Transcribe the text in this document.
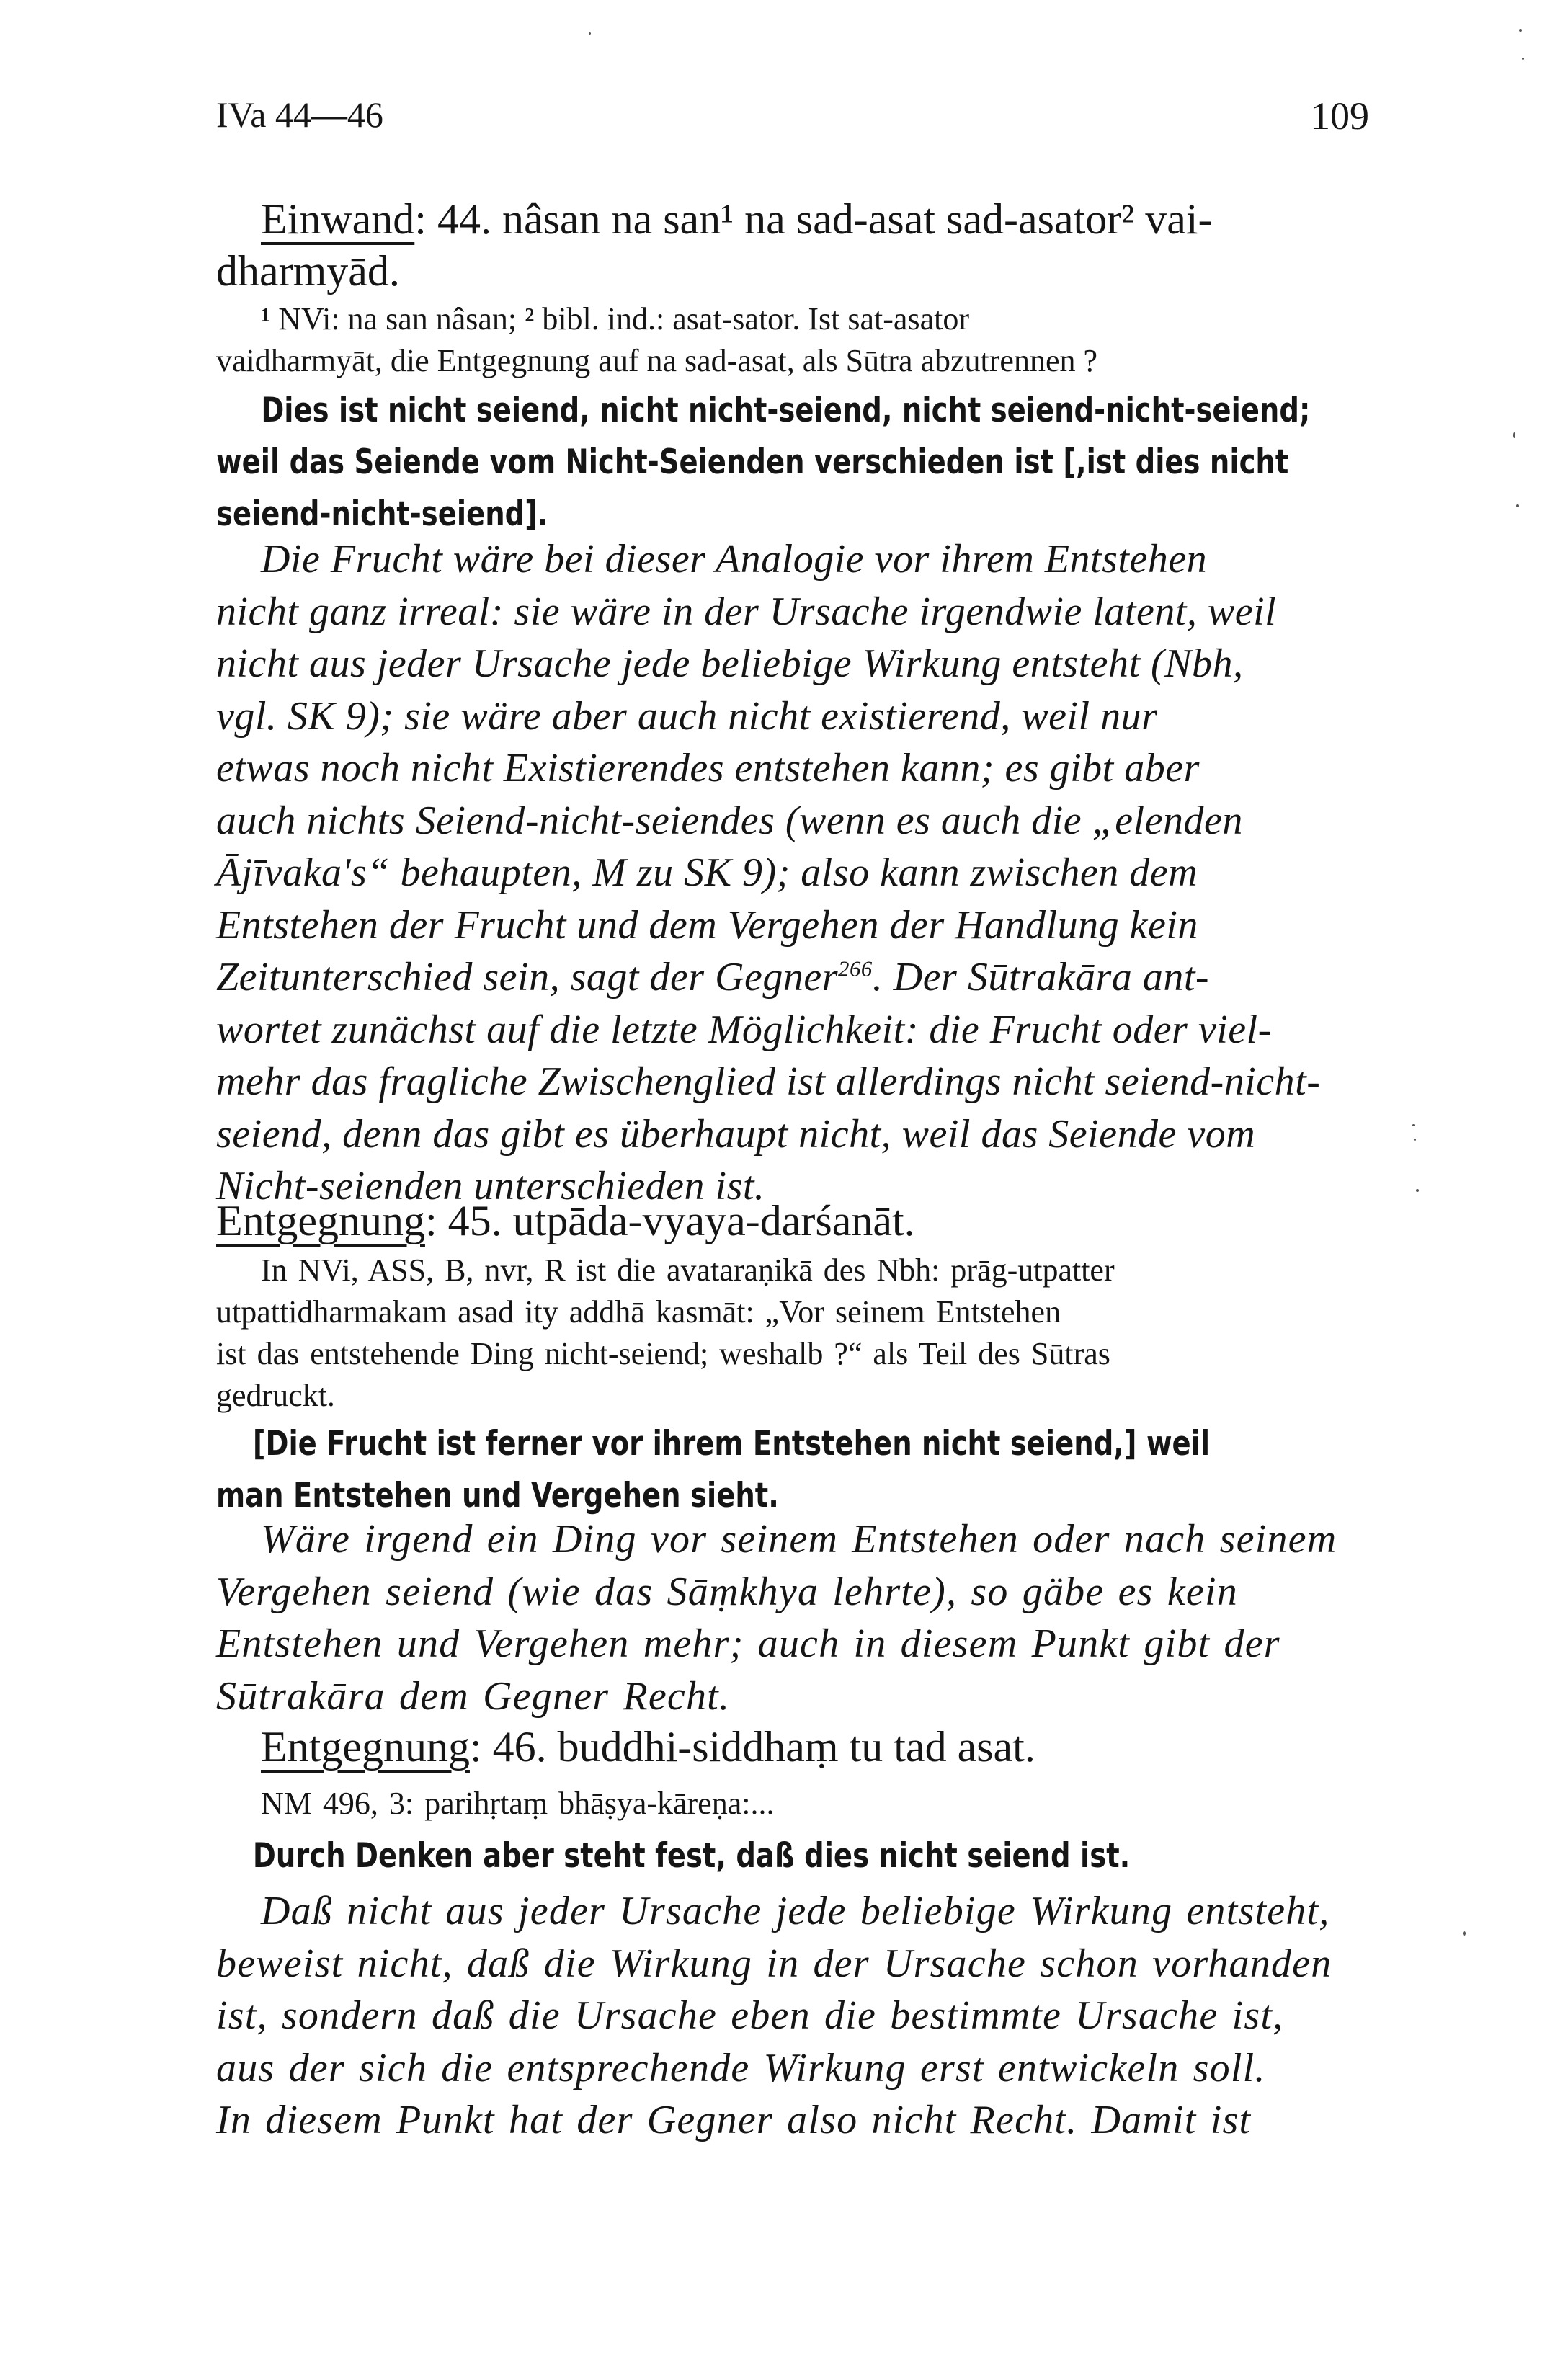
IVa 44—46	109
Einwand: 44. nâsan na san¹ na sad-asat sad-asator² vai-
dharmyād.
¹ NVi: na san nâsan; ² bibl. ind.: asat-sator. Ist sat-asator
vaidharmyāt, die Entgegnung auf na sad-asat, als Sūtra abzutrennen ?
Dies ist nicht seiend, nicht nicht-seiend, nicht seiend-nicht-seiend;
weil das Seiende vom Nicht-Seienden verschieden ist [,ist dies nicht
seiend-nicht-seiend].
Die Frucht wäre bei dieser Analogie vor ihrem Entstehen
nicht ganz irreal: sie wäre in der Ursache irgendwie latent, weil
nicht aus jeder Ursache jede beliebige Wirkung entsteht (Nbh,
vgl. SK 9); sie wäre aber auch nicht existierend, weil nur
etwas noch nicht Existierendes entstehen kann; es gibt aber
auch nichts Seiend-nicht-seiendes (wenn es auch die „elenden
Ājīvaka's“ behaupten, M zu SK 9); also kann zwischen dem
Entstehen der Frucht und dem Vergehen der Handlung kein
Zeitunterschied sein, sagt der Gegner$^{266}$. Der Sūtrakāra ant-
wortet zunächst auf die letzte Möglichkeit: die Frucht oder viel-
mehr das fragliche Zwischenglied ist allerdings nicht seiend-nicht-
seiend, denn das gibt es überhaupt nicht, weil das Seiende vom
Nicht-seienden unterschieden ist.
Entgegnung: 45. utpāda-vyaya-darśanāt.
In NVi, ASS, B, nvr, R ist die avataraṇikā des Nbh: prāg-utpatter
utpattidharmakam asad ity addhā kasmāt: „Vor seinem Entstehen
ist das entstehende Ding nicht-seiend; weshalb ?“ als Teil des Sūtras
gedruckt.
[Die Frucht ist ferner vor ihrem Entstehen nicht seiend,] weil
man Entstehen und Vergehen sieht.
Wäre irgend ein Ding vor seinem Entstehen oder nach seinem
Vergehen seiend (wie das Sāṃkhya lehrte), so gäbe es kein
Entstehen und Vergehen mehr; auch in diesem Punkt gibt der
Sūtrakāra dem Gegner Recht.
Entgegnung: 46. buddhi-siddhaṃ tu tad asat.
NM 496, 3: parihṛtaṃ bhāṣya-kāreṇa:...
Durch Denken aber steht fest, daß dies nicht seiend ist.
Daß nicht aus jeder Ursache jede beliebige Wirkung entsteht,
beweist nicht, daß die Wirkung in der Ursache schon vorhanden
ist, sondern daß die Ursache eben die bestimmte Ursache ist,
aus der sich die entsprechende Wirkung erst entwickeln soll.
In diesem Punkt hat der Gegner also nicht Recht. Damit ist
